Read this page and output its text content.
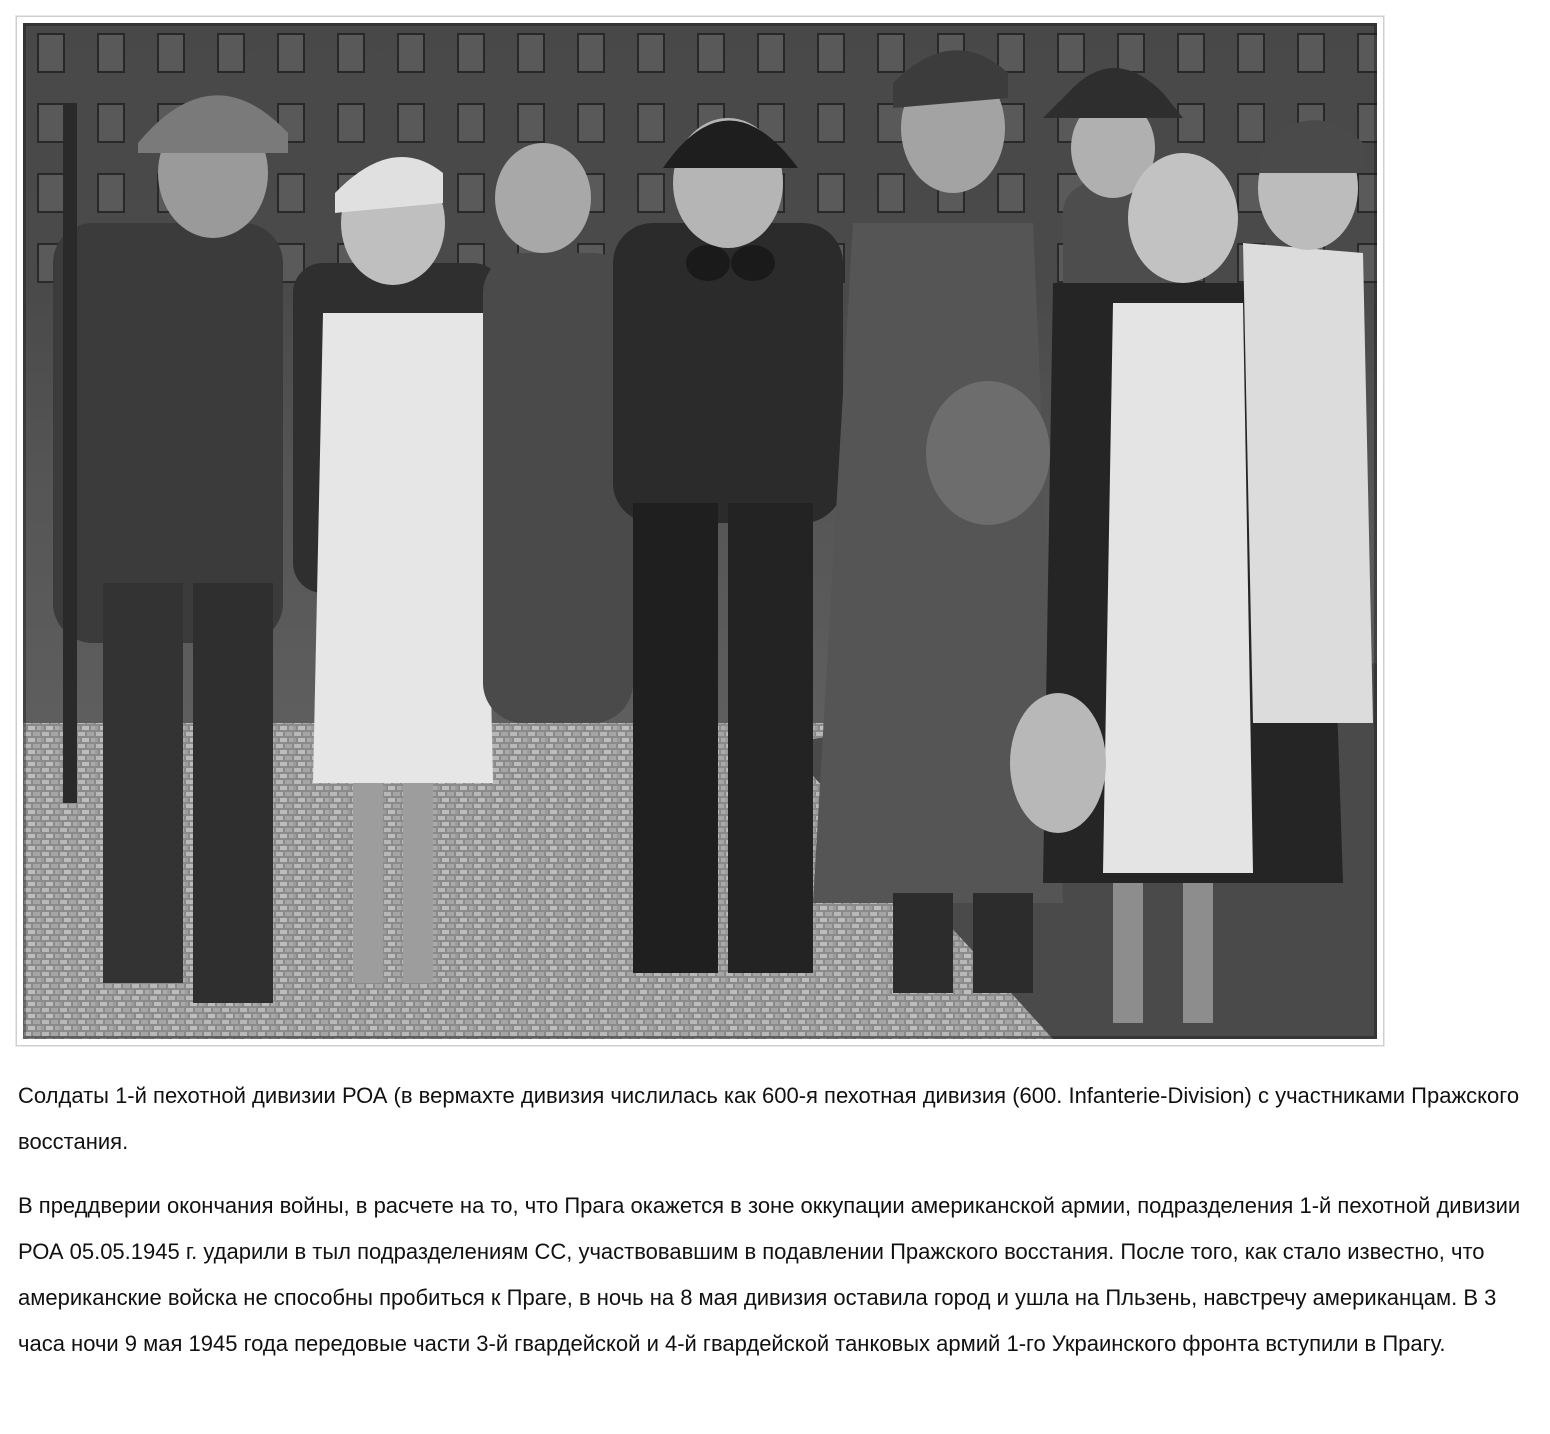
Солдаты 1-й пехотной дивизии РОА (в вермахте дивизия числилась как 600-я пехотная дивизия (600. Infanterie-Division) с участниками Пражского восстания.

В преддверии окончания войны, в расчете на то, что Прага окажется в зоне оккупации американской армии, подразделения 1-й пехотной дивизии РОА 05.05.1945 г. ударили в тыл подразделениям СС, участвовавшим в подавлении Пражского восстания. После того, как стало известно, что американские войска не способны пробиться к Праге, в ночь на 8 мая дивизия оставила город и ушла на Пльзень, навстречу американцам. В 3 часа ночи 9 мая 1945 года передовые части 3-й гвардейской и 4-й гвардейской танковых армий 1-го Украинского фронта вступили в Прагу.
